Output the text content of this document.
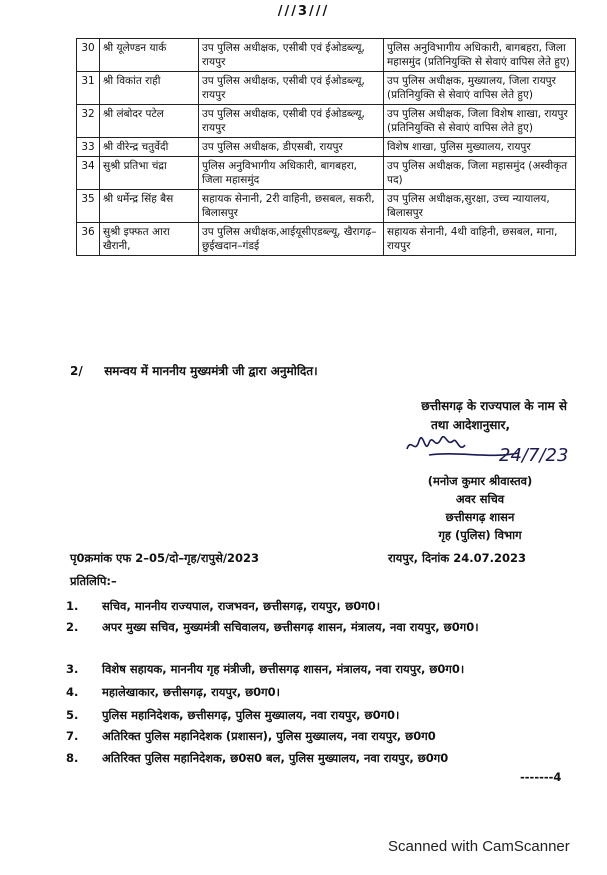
///3///
30	श्री यूलेण्डन यार्क	उप पुलिस अधीक्षक, एसीबी एवं ईओडब्ल्यू, रायपुर	पुलिस अनुविभागीय अधिकारी, बागबहरा, जिला महासमुंद (प्रतिनियुक्ति से सेवाएं वापिस लेते हुए)
31	श्री विकांत राही	उप पुलिस अधीक्षक, एसीबी एवं ईओडब्ल्यू, रायपुर	उप पुलिस अधीक्षक, मुख्यालय, जिला रायपुर (प्रतिनियुक्ति से सेवाएं वापिस लेते हुए)
32	श्री लंबोदर पटेल	उप पुलिस अधीक्षक, एसीबी एवं ईओडब्ल्यू, रायपुर	उप पुलिस अधीक्षक, जिला विशेष शाखा, रायपुर (प्रतिनियुक्ति से सेवाएं वापिस लेते हुए)
33	श्री वीरेन्द्र चतुर्वेदी	उप पुलिस अधीक्षक, डीएसबी, रायपुर	विशेष शाखा, पुलिस मुख्यालय, रायपुर
34	सुश्री प्रतिभा चंद्रा	पुलिस अनुविभागीय अधिकारी, बागबहरा, जिला महासमुंद	उप पुलिस अधीक्षक, जिला महासमुंद (अस्वीकृत पद)
35	श्री धर्मेन्द्र सिंह बैस	सहायक सेनानी, 2री वाहिनी, छसबल, सकरी, बिलासपुर	उप पुलिस अधीक्षक,सुरक्षा, उच्च न्यायालय, बिलासपुर
36	सुश्री इफ्फत आरा खैरानी,	उप पुलिस अधीक्षक,आईयूसीएडब्ल्यू, खैरागढ़–छुईखदान–गंडई	सहायक सेनानी, 4थी वाहिनी, छसबल, माना, रायपुर
2/ समन्वय में माननीय मुख्यमंत्री जी द्वारा अनुमोदित।
छत्तीसगढ़ के राज्यपाल के नाम से
तथा आदेशानुसार,
24/7/23
(मनोज कुमार श्रीवास्तव)
अवर सचिव
छत्तीसगढ़ शासन
गृह (पुलिस) विभाग
पृ0क्रमांक एफ 2–05/दो–गृह/रापुसे/2023	रायपुर, दिनांक 24.07.2023
प्रतिलिपि:–
1.	सचिव, माननीय राज्यपाल, राजभवन, छत्तीसगढ़, रायपुर, छ0ग0।
2.	अपर मुख्य सचिव, मुख्यमंत्री सचिवालय, छत्तीसगढ़ शासन, मंत्रालय, नवा रायपुर, छ0ग0।
3.	विशेष सहायक, माननीय गृह मंत्रीजी, छत्तीसगढ़ शासन, मंत्रालय, नवा रायपुर, छ0ग0।
4.	महालेखाकार, छत्तीसगढ़, रायपुर, छ0ग0।
5.	पुलिस महानिदेशक, छत्तीसगढ़, पुलिस मुख्यालय, नवा रायपुर, छ0ग0।
7.	अतिरिक्त पुलिस महानिदेशक (प्रशासन), पुलिस मुख्यालय, नवा रायपुर, छ0ग0
8.	अतिरिक्त पुलिस महानिदेशक, छ0स0 बल, पुलिस मुख्यालय, नवा रायपुर, छ0ग0
-------4
Scanned with CamScanner
